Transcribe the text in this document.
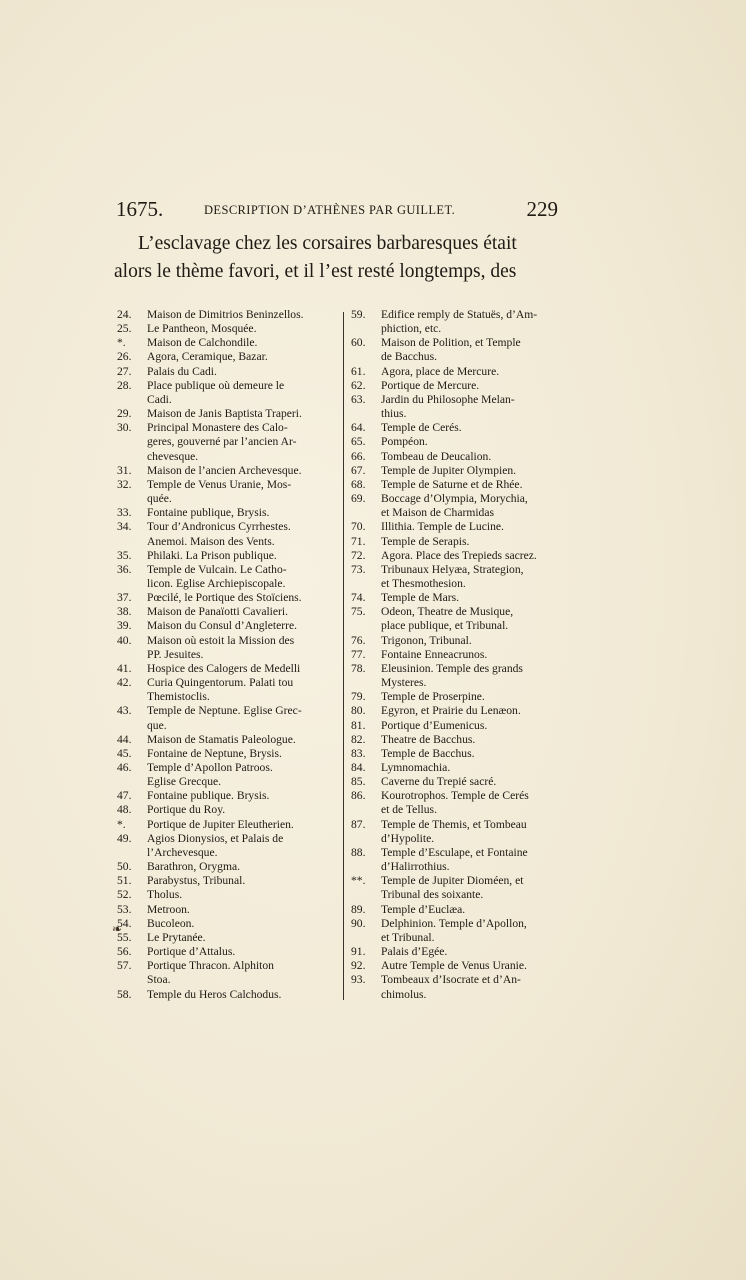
1675.	DESCRIPTION D’ATHÈNES PAR GUILLET.	229
L’esclavage chez les corsaires barbaresques était
alors le thème favori, et il l’est resté longtemps, des
24.	Maison de Dimitrios Beninzellos.
25.	Le Pantheon, Mosquée.
*.	Maison de Calchondile.
26.	Agora, Ceramique, Bazar.
27.	Palais du Cadi.
28.	Place publique où demeure le
Cadi.
29.	Maison de Janis Baptista Traperi.
30.	Principal Monastere des Calo-
geres, gouverné par l’ancien Ar-
chevesque.
31.	Maison de l’ancien Archevesque.
32.	Temple de Venus Uranie, Mos-
quée.
33.	Fontaine publique, Brysis.
34.	Tour d’Andronicus Cyrrhestes.
Anemoi. Maison des Vents.
35.	Philaki. La Prison publique.
36.	Temple de Vulcain. Le Catho-
licon. Eglise Archiepiscopale.
37.	Pœcilé, le Portique des Stoïciens.
38.	Maison de Panaïotti Cavalieri.
39.	Maison du Consul d’Angleterre.
40.	Maison où estoit la Mission des
PP. Jesuites.
41.	Hospice des Calogers de Medelli
42.	Curia Quingentorum. Palati tou
Themistoclis.
43.	Temple de Neptune. Eglise Grec-
que.
44.	Maison de Stamatis Paleologue.
45.	Fontaine de Neptune, Brysis.
46.	Temple d’Apollon Patroos.
Eglise Grecque.
47.	Fontaine publique. Brysis.
48.	Portique du Roy.
*.	Portique de Jupiter Eleutherien.
49.	Agios Dionysios, et Palais de
l’Archevesque.
50.	Barathron, Orygma.
51.	Parabystus, Tribunal.
52.	Tholus.
53.	Metroon.
54.	Bucoleon.
55.	Le Prytanée.
56.	Portique d’Attalus.
57.	Portique Thracon. Alphiton
Stoa.
58.	Temple du Heros Calchodus.
59.	Edifice remply de Statuës, d’Am-
phiction, etc.
60.	Maison de Polition, et Temple
de Bacchus.
61.	Agora, place de Mercure.
62.	Portique de Mercure.
63.	Jardin du Philosophe Melan-
thius.
64.	Temple de Cerés.
65.	Pompéon.
66.	Tombeau de Deucalion.
67.	Temple de Jupiter Olympien.
68.	Temple de Saturne et de Rhée.
69.	Boccage d’Olympia, Morychia,
et Maison de Charmidas
70.	Illithia. Temple de Lucine.
71.	Temple de Serapis.
72.	Agora. Place des Trepieds sacrez.
73.	Tribunaux Helyæa, Strategion,
et Thesmothesion.
74.	Temple de Mars.
75.	Odeon, Theatre de Musique,
place publique, et Tribunal.
76.	Trigonon, Tribunal.
77.	Fontaine Enneacrunos.
78.	Eleusinion. Temple des grands
Mysteres.
79.	Temple de Proserpine.
80.	Egyron, et Prairie du Lenæon.
81.	Portique d’Eumenicus.
82.	Theatre de Bacchus.
83.	Temple de Bacchus.
84.	Lymnomachia.
85.	Caverne du Trepié sacré.
86.	Kourotrophos. Temple de Cerés
et de Tellus.
87.	Temple de Themis, et Tombeau
d’Hypolite.
88.	Temple d’Esculape, et Fontaine
d’Halirrothius.
**.	Temple de Jupiter Dioméen, et
Tribunal des soixante.
89.	Temple d’Euclæa.
90.	Delphinion. Temple d’Apollon,
et Tribunal.
91.	Palais d’Egée.
92.	Autre Temple de Venus Uranie.
93.	Tombeaux d’Isocrate et d’An-
chimolus.
❧
